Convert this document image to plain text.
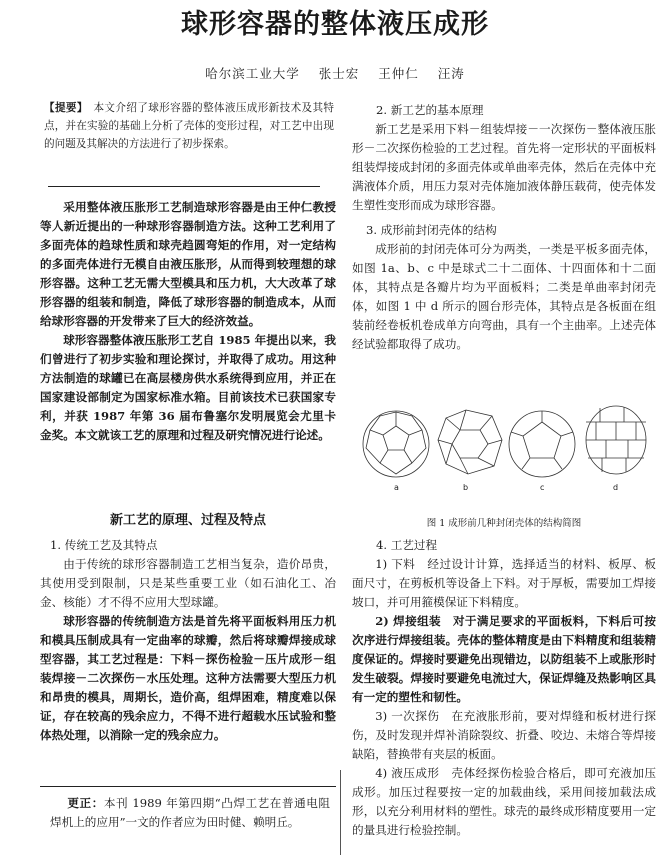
球形容器的整体液压成形
哈尔滨工业大学 张士宏 王仲仁 汪涛

【提要】　 本文介绍了球形容器的整体液压成形新技术及其特点，并在实验的基础上分析了壳体的变形过程，对工艺中出现的问题及其解决的方法进行了初步探索。

采用整体液压胀形工艺制造球形容器是由王仲仁教授等人新近提出的一种球形容器制造方法。这种工艺利用了多面壳体的趋球性质和球壳趋圆弯矩的作用，对一定结构的多面壳体进行无模自由液压胀形，从而得到较理想的球形容器。这种工艺无需大型模具和压力机，大大改革了球形容器的组装和制造，降低了球形容器的制造成本，从而给球形容器的开发带来了巨大的经济效益。

球形容器整体液压胀形工艺自 1985 年提出以来，我们曾进行了初步实验和理论探讨，并取得了成功。用这种方法制造的球罐已在高层楼房供水系统得到应用，并正在国家建设部制定为国家标准水箱。目前该技术已获国家专利，并获 1987 年第 36 届布鲁塞尔发明展览会尤里卡金奖。本文就该工艺的原理和过程及研究情况进行论述。

新工艺的原理、过程及特点
1. 传统工艺及其特点

由于传统的球形容器制造工艺相当复杂，造价昂贵，其使用受到限制，只是某些重要工业（如石油化工、冶金、核能）才不得不应用大型球罐。

球形容器的传统制造方法是首先将平面板料用压力机和模具压制成具有一定曲率的球瓣，然后将球瓣焊接成球型容器，其工艺过程是：下料－探伤检验－压片成形－组装焊接－二次探伤－水压处理。这种方法需要大型压力机和昂贵的模具，周期长，造价高，组焊困难，精度难以保证，存在较高的残余应力，不得不进行超载水压试验和整体热处理，以消除一定的残余应力。

更正：本刊 1989 年第四期“凸焊工艺在普通电阻焊机上的应用”一文的作者应为田时健、赖明丘。

2. 新工艺的基本原理

新工艺是采用下料－组装焊接－一次探伤－整体液压胀形－二次探伤检验的工艺过程。首先将一定形状的平面板料组装焊接成封闭的多面壳体或单曲率壳体，然后在壳体中充满液体介质，用压力泵对壳体施加液体静压载荷，使壳体发生塑性变形而成为球形容器。

3. 成形前封闭壳体的结构

成形前的封闭壳体可分为两类，一类是平板多面壳体，如图 1a、b、c 中是球式二十二面体、十四面体和十二面体，其特点是各瓣片均为平面板料；二类是单曲率封闭壳体，如图 1 中 d 所示的圆台形壳体，其特点是各板面在组装前经卷板机卷成单方向弯曲，具有一个主曲率。上述壳体经试验都取得了成功。

a	b	c	d
图 1 成形前几种封闭壳体的结构简图
4. 工艺过程

1) 下料　经过设计计算，选择适当的材料、板厚、板面尺寸，在剪板机等设备上下料。对于厚板，需要加工焊接坡口，并可用箍模保证下料精度。

2) 焊接组装　对于满足要求的平面板料，下料后可按次序进行焊接组装。壳体的整体精度是由下料精度和组装精度保证的。焊接时要避免出现错边，以防组装不上或胀形时发生破裂。焊接时要避免电流过大，保证焊缝及热影响区具有一定的塑性和韧性。

3) 一次探伤　在充液胀形前，要对焊缝和板材进行探伤，及时发现并焊补消除裂纹、折叠、咬边、未熔合等焊接缺陷，替换带有夹层的板面。

4) 液压成形　壳体经探伤检验合格后，即可充液加压成形。加压过程要按一定的加载曲线，采用间接加载法成形，以充分利用材料的塑性。球壳的最终成形精度要用一定的量具进行检验控制。
